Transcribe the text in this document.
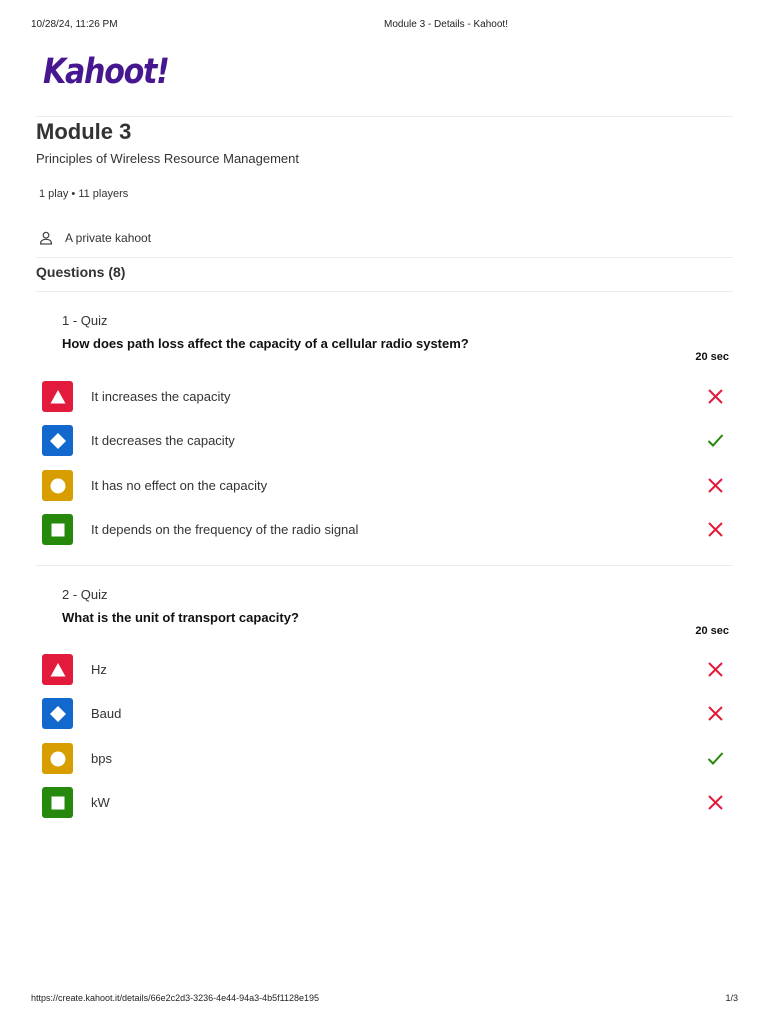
10/28/24, 11:26 PM	Module 3 - Details - Kahoot!
Kahoot!
Module 3
Principles of Wireless Resource Management
1 play • 11 players
A private kahoot
Questions (8)
1 - Quiz
How does path loss affect the capacity of a cellular radio system?
20 sec
It increases the capacity
It decreases the capacity
It has no effect on the capacity
It depends on the frequency of the radio signal
2 - Quiz
What is the unit of transport capacity?
20 sec
Hz
Baud
bps
kW
https://create.kahoot.it/details/66e2c2d3-3236-4e44-94a3-4b5f1128e195	1/3
